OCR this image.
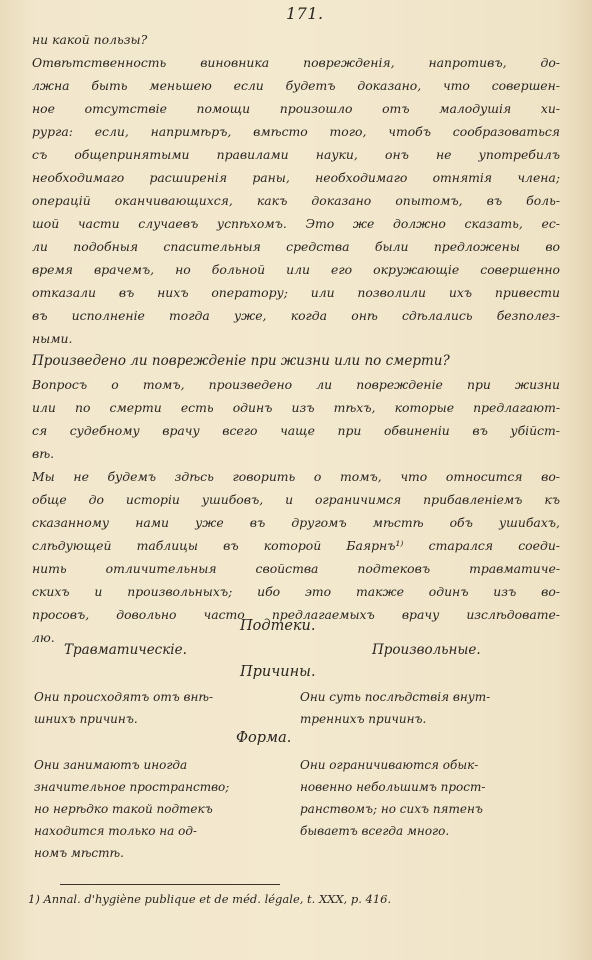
171.
ни какой пользы?
Отвѣтственность виновника поврежденія, напротивъ, до-
лжна быть меньшею если будетъ доказано, что совершен-
ное отсутствіе помощи произошло отъ малодушія хи-
рурга: если, напримѣръ, вмѣсто того, чтобъ сообразоваться
съ общепринятыми правилами науки, онъ не употребилъ
необходимаго расширенія раны, необходимаго отнятія члена;
операцій оканчивающихся, какъ доказано опытомъ, въ боль-
шой части случаевъ успѣхомъ. Это же должно сказать, ес-
ли подобныя спасительныя средства были предложены во
время врачемъ, но больной или его окружающіе совершенно
отказали въ нихъ оператору; или позволили ихъ привести
въ исполненіе тогда уже, когда онѣ сдѣлались безполез-
ными.
Произведено ли поврежденіе при жизни или по смерти?
Вопросъ о томъ, произведено ли поврежденіе при жизни
или по смерти есть одинъ изъ тѣхъ, которые предлагают-
ся судебному врачу всего чаще при обвиненіи въ убійст-
вѣ.
Мы не будемъ здѣсь говорить о томъ, что относится во-
обще до исторіи ушибовъ, и ограничимся прибавленіемъ къ
сказанному нами уже въ другомъ мѣстѣ объ ушибахъ,
слѣдующей таблицы въ которой Баярнъ¹⁾ старался соеди-
нить отличительныя свойства подтековъ травматиче-
скихъ и произвольныхъ; ибо это также одинъ изъ во-
просовъ, довольно часто предлагаемыхъ врачу изслѣдовате-
лю.
Подтеки.
Травматическіе.	Произвольные.
Причины.
Они происходятъ отъ внѣ-
шнихъ причинъ.
Они суть послѣдствія внут-
треннихъ причинъ.
Форма.
Они занимаютъ иногда
значительное пространство;
но нерѣдко такой подтекъ
находится только на од-
номъ мѣстѣ.
Они ограничиваются обык-
новенно небольшимъ прост-
ранствомъ; но сихъ пятенъ
бываетъ всегда много.
1) Annal. d'hygiène publique et de méd. légale, t. XXX, p. 416.
